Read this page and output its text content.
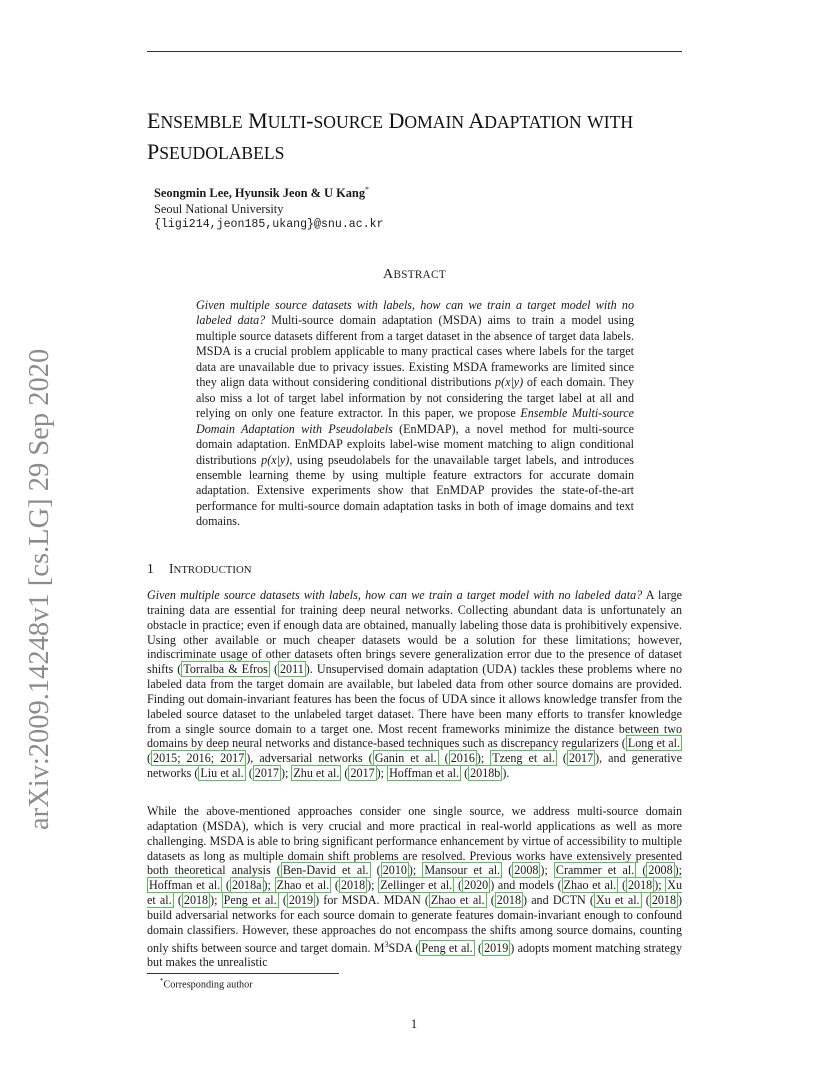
arXiv:2009.14248v1 [cs.LG] 29 Sep 2020
ENSEMBLE MULTI-SOURCE DOMAIN ADAPTATION WITH PSEUDOLABELS
Seongmin Lee, Hyunsik Jeon & U Kang*
Seoul National University
{ligi214,jeon185,ukang}@snu.ac.kr
ABSTRACT

Given multiple source datasets with labels, how can we train a target model with no labeled data? Multi-source domain adaptation (MSDA) aims to train a model using multiple source datasets different from a target dataset in the absence of target data labels. MSDA is a crucial problem applicable to many practical cases where labels for the target data are unavailable due to privacy issues. Existing MSDA frameworks are limited since they align data without considering conditional distributions p(x|y) of each domain. They also miss a lot of target label information by not considering the target label at all and relying on only one feature extractor. In this paper, we propose Ensemble Multi-source Domain Adaptation with Pseudolabels (EnMDAP), a novel method for multi-source domain adaptation. EnMDAP exploits label-wise moment matching to align conditional distributions p(x|y), using pseudolabels for the unavailable target labels, and introduces ensemble learning theme by using multiple feature extractors for accurate domain adaptation. Extensive experiments show that EnMDAP provides the state-of-the-art performance for multi-source domain adaptation tasks in both of image domains and text domains.

1 INTRODUCTION

Given multiple source datasets with labels, how can we train a target model with no labeled data? A large training data are essential for training deep neural networks. Collecting abundant data is unfortunately an obstacle in practice; even if enough data are obtained, manually labeling those data is prohibitively expensive. Using other available or much cheaper datasets would be a solution for these limitations; however, indiscriminate usage of other datasets often brings severe generalization error due to the presence of dataset shifts ( Torralba & Efros ( 2011 ). Unsupervised domain adaptation (UDA) tackles these problems where no labeled data from the target domain are available, but labeled data from other source domains are provided. Finding out domain-invariant features has been the focus of UDA since it allows knowledge transfer from the labeled source dataset to the unlabeled target dataset. There have been many efforts to transfer knowledge from a single source domain to a target one. Most recent frameworks minimize the distance between two domains by deep neural networks and distance-based techniques such as discrepancy regularizers ( Long et al. ( 2015; 2016; 2017 ), adversarial networks ( Ganin et al. ( 2016 ); Tzeng et al. ( 2017 ), and generative networks ( Liu et al. ( 2017 ); Zhu et al. ( 2017 ); Hoffman et al. ( 2018b ).

While the above-mentioned approaches consider one single source, we address multi-source domain adaptation (MSDA), which is very crucial and more practical in real-world applications as well as more challenging. MSDA is able to bring significant performance enhancement by virtue of accessibility to multiple datasets as long as multiple domain shift problems are resolved. Previous works have extensively presented both theoretical analysis ( Ben-David et al. ( 2010 ); Mansour et al. ( 2008 ); Crammer et al. ( 2008 ); Hoffman et al. ( 2018a ); Zhao et al. ( 2018 ); Zellinger et al. ( 2020 ) and models ( Zhao et al. ( 2018 ); Xu et al. ( 2018 ); Peng et al. ( 2019 ) for MSDA. MDAN ( Zhao et al. ( 2018 ) and DCTN ( Xu et al. ( 2018 ) build adversarial networks for each source domain to generate features domain-invariant enough to confound domain classifiers. However, these approaches do not encompass the shifts among source domains, counting only shifts between source and target domain. $M^3SDA$ ( Peng et al. ( 2019 ) adopts moment matching strategy but makes the unrealistic

*Corresponding author
1
